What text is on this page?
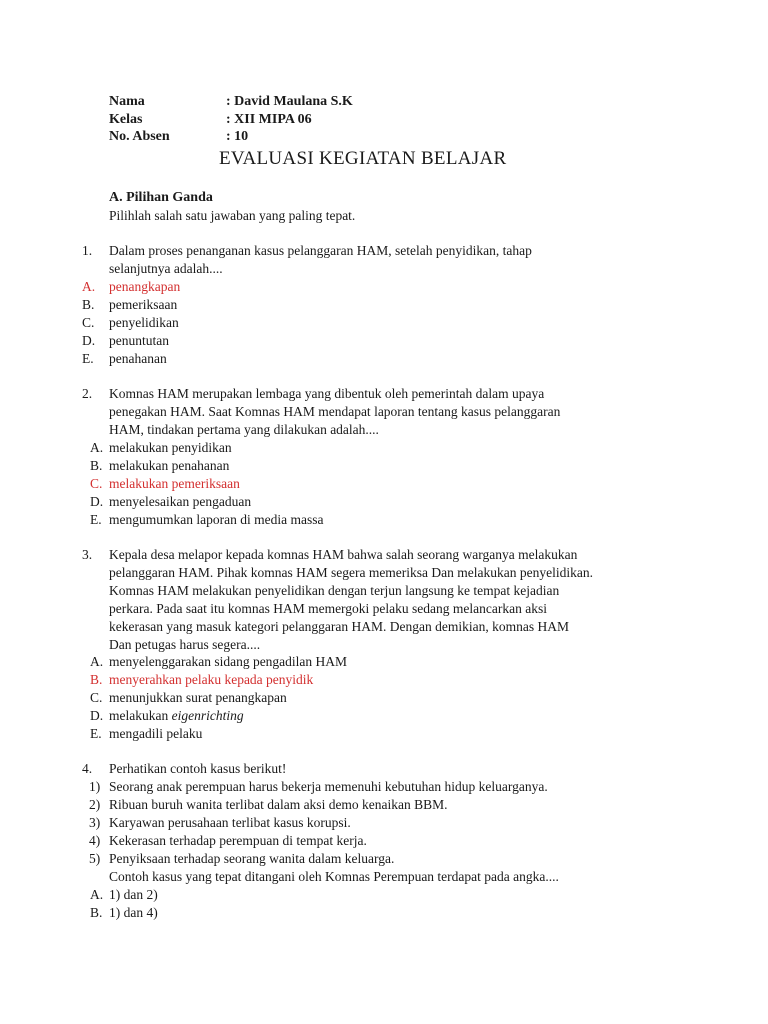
Nama	: David Maulana S.K
Kelas	: XII MIPA 06
No. Absen	: 10
EVALUASI KEGIATAN BELAJAR
A. Pilihan Ganda
Pilihlah salah satu jawaban yang paling tepat.
1. Dalam proses penanganan kasus pelanggaran HAM, setelah penyidikan, tahap
selanjutnya adalah....
A. penangkapan
B. pemeriksaan
C. penyelidikan
D. penuntutan
E. penahanan
2. Komnas HAM merupakan lembaga yang dibentuk oleh pemerintah dalam upaya
penegakan HAM. Saat Komnas HAM mendapat laporan tentang kasus pelanggaran
HAM, tindakan pertama yang dilakukan adalah....
A. melakukan penyidikan
B. melakukan penahanan
C. melakukan pemeriksaan
D. menyelesaikan pengaduan
E. mengumumkan laporan di media massa
3. Kepala desa melapor kepada komnas HAM bahwa salah seorang warganya melakukan
pelanggaran HAM. Pihak komnas HAM segera memeriksa Dan melakukan penyelidikan.
Komnas HAM melakukan penyelidikan dengan terjun langsung ke tempat kejadian
perkara. Pada saat itu komnas HAM memergoki pelaku sedang melancarkan aksi
kekerasan yang masuk kategori pelanggaran HAM. Dengan demikian, komnas HAM
Dan petugas harus segera....
A. menyelenggarakan sidang pengadilan HAM
B. menyerahkan pelaku kepada penyidik
C. menunjukkan surat penangkapan
D. melakukan eigenrichting
E. mengadili pelaku
4. Perhatikan contoh kasus berikut!
1) Seorang anak perempuan harus bekerja memenuhi kebutuhan hidup keluarganya.
2) Ribuan buruh wanita terlibat dalam aksi demo kenaikan BBM.
3) Karyawan perusahaan terlibat kasus korupsi.
4) Kekerasan terhadap perempuan di tempat kerja.
5) Penyiksaan terhadap seorang wanita dalam keluarga.
Contoh kasus yang tepat ditangani oleh Komnas Perempuan terdapat pada angka....
A. 1) dan 2)
B. 1) dan 4)
